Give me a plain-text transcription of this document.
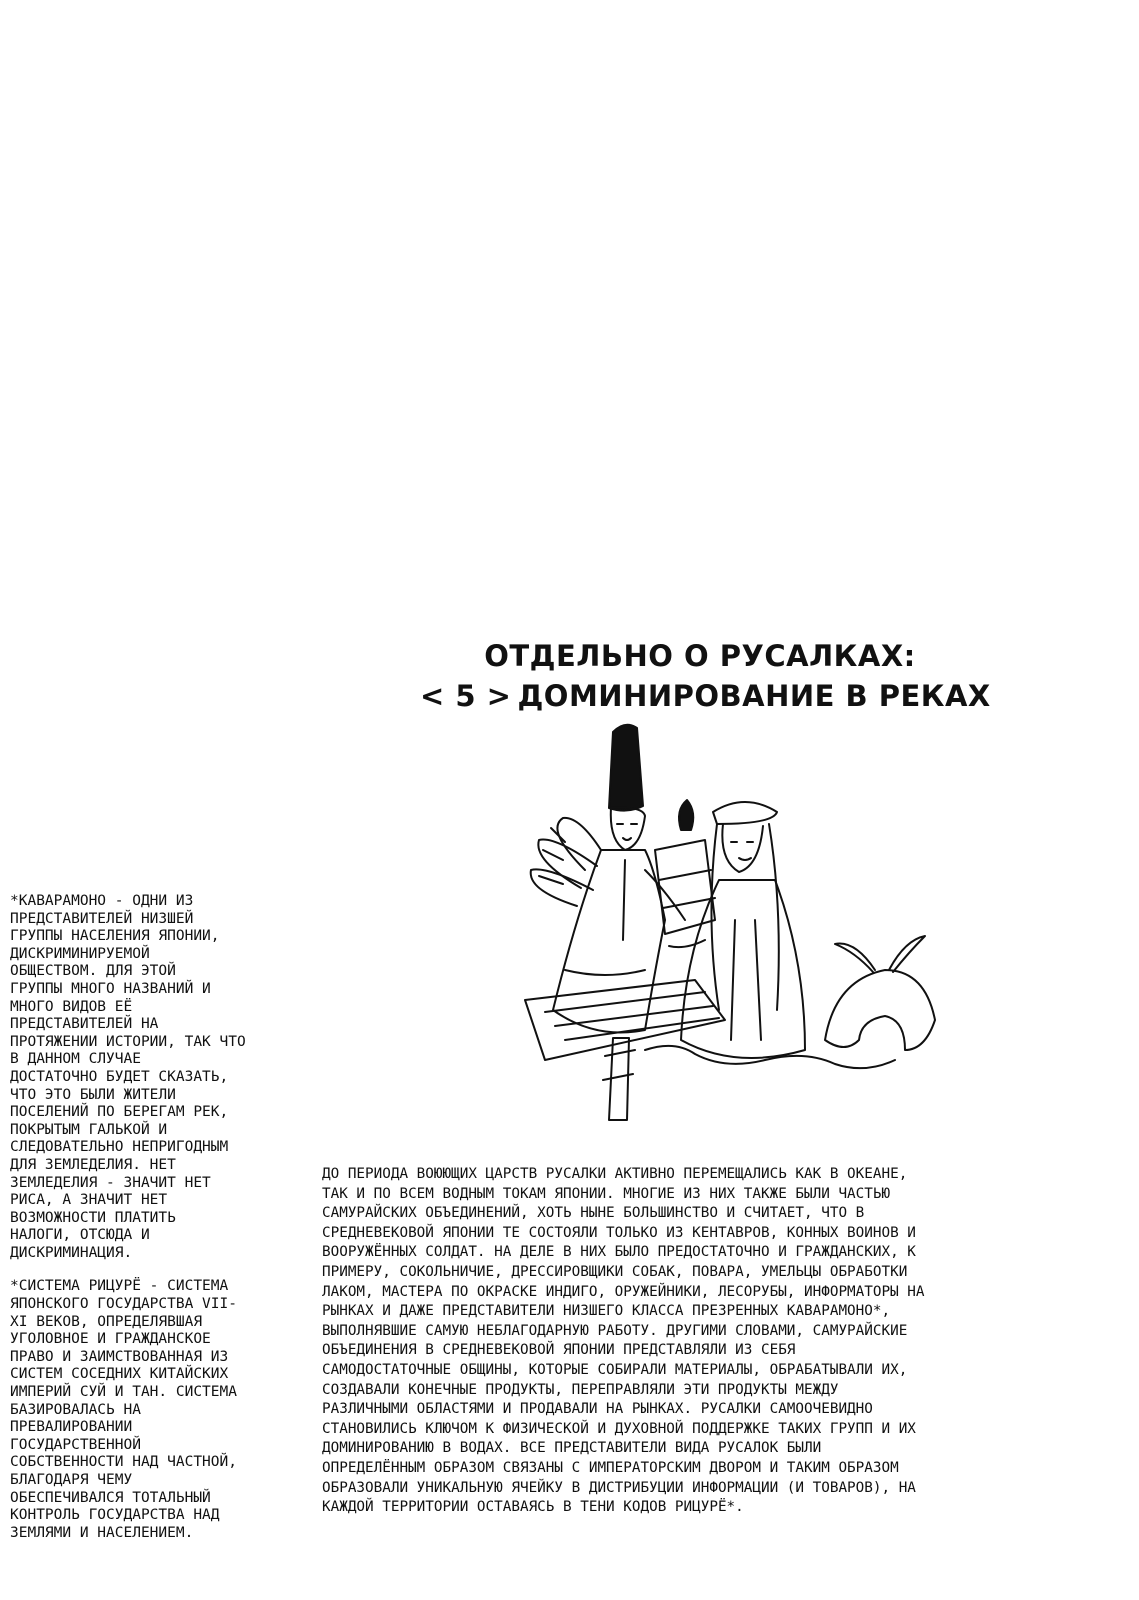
ОТДЕЛЬНО О РУСАЛКАХ:
< 5 > ДОМИНИРОВАНИЕ В РЕКАХ

*КАВАРАМОНО - ОДНИ ИЗ
ПРЕДСТАВИТЕЛЕЙ НИЗШЕЙ
ГРУППЫ НАСЕЛЕНИЯ ЯПОНИИ,
ДИСКРИМИНИРУЕМОЙ
ОБЩЕСТВОМ. ДЛЯ ЭТОЙ
ГРУППЫ МНОГО НАЗВАНИЙ И
МНОГО ВИДОВ ЕЁ
ПРЕДСТАВИТЕЛЕЙ НА
ПРОТЯЖЕНИИ ИСТОРИИ, ТАК ЧТО
В ДАННОМ СЛУЧАЕ
ДОСТАТОЧНО БУДЕТ СКАЗАТЬ,
ЧТО ЭТО БЫЛИ ЖИТЕЛИ
ПОСЕЛЕНИЙ ПО БЕРЕГАМ РЕК,
ПОКРЫТЫМ ГАЛЬКОЙ И
СЛЕДОВАТЕЛЬНО НЕПРИГОДНЫМ
ДЛЯ ЗЕМЛЕДЕЛИЯ. НЕТ
ЗЕМЛЕДЕЛИЯ - ЗНАЧИТ НЕТ
РИСА, А ЗНАЧИТ НЕТ
ВОЗМОЖНОСТИ ПЛАТИТЬ
НАЛОГИ, ОТСЮДА И
ДИСКРИМИНАЦИЯ.

*СИСТЕМА РИЦУРЁ - СИСТЕМА
ЯПОНСКОГО ГОСУДАРСТВА VII-
XI ВЕКОВ, ОПРЕДЕЛЯВШАЯ
УГОЛОВНОЕ И ГРАЖДАНСКОЕ
ПРАВО И ЗАИМСТВОВАННАЯ ИЗ
СИСТЕМ СОСЕДНИХ КИТАЙСКИХ
ИМПЕРИЙ СУЙ И ТАН. СИСТЕМА
БАЗИРОВАЛАСЬ НА
ПРЕВАЛИРОВАНИИ
ГОСУДАРСТВЕННОЙ
СОБСТВЕННОСТИ НАД ЧАСТНОЙ,
БЛАГОДАРЯ ЧЕМУ
ОБЕСПЕЧИВАЛСЯ ТОТАЛЬНЫЙ
КОНТРОЛЬ ГОСУДАРСТВА НАД
ЗЕМЛЯМИ И НАСЕЛЕНИЕМ.

ДО ПЕРИОДА ВОЮЮЩИХ ЦАРСТВ РУСАЛКИ АКТИВНО ПЕРЕМЕЩАЛИСЬ КАК В ОКЕАНЕ,
ТАК И ПО ВСЕМ ВОДНЫМ ТОКАМ ЯПОНИИ. МНОГИЕ ИЗ НИХ ТАКЖЕ БЫЛИ ЧАСТЬЮ
САМУРАЙСКИХ ОБЪЕДИНЕНИЙ, ХОТЬ НЫНЕ БОЛЬШИНСТВО И СЧИТАЕТ, ЧТО В
СРЕДНЕВЕКОВОЙ ЯПОНИИ ТЕ СОСТОЯЛИ ТОЛЬКО ИЗ КЕНТАВРОВ, КОННЫХ ВОИНОВ И
ВООРУЖЁННЫХ СОЛДАТ. НА ДЕЛЕ В НИХ БЫЛО ПРЕДОСТАТОЧНО И ГРАЖДАНСКИХ, К
ПРИМЕРУ, СОКОЛЬНИЧИЕ, ДРЕССИРОВЩИКИ СОБАК, ПОВАРА, УМЕЛЬЦЫ ОБРАБОТКИ
ЛАКОМ, МАСТЕРА ПО ОКРАСКЕ ИНДИГО, ОРУЖЕЙНИКИ, ЛЕСОРУБЫ, ИНФОРМАТОРЫ НА
РЫНКАХ И ДАЖЕ ПРЕДСТАВИТЕЛИ НИЗШЕГО КЛАССА ПРЕЗРЕННЫХ КАВАРАМОНО*,
ВЫПОЛНЯВШИЕ САМУЮ НЕБЛАГОДАРНУЮ РАБОТУ. ДРУГИМИ СЛОВАМИ, САМУРАЙСКИЕ
ОБЪЕДИНЕНИЯ В СРЕДНЕВЕКОВОЙ ЯПОНИИ ПРЕДСТАВЛЯЛИ ИЗ СЕБЯ
САМОДОСТАТОЧНЫЕ ОБЩИНЫ, КОТОРЫЕ СОБИРАЛИ МАТЕРИАЛЫ, ОБРАБАТЫВАЛИ ИХ,
СОЗДАВАЛИ КОНЕЧНЫЕ ПРОДУКТЫ, ПЕРЕПРАВЛЯЛИ ЭТИ ПРОДУКТЫ МЕЖДУ
РАЗЛИЧНЫМИ ОБЛАСТЯМИ И ПРОДАВАЛИ НА РЫНКАХ. РУСАЛКИ САМООЧЕВИДНО
СТАНОВИЛИСЬ КЛЮЧОМ К ФИЗИЧЕСКОЙ И ДУХОВНОЙ ПОДДЕРЖКЕ ТАКИХ ГРУПП И ИХ
ДОМИНИРОВАНИЮ В ВОДАХ. ВСЕ ПРЕДСТАВИТЕЛИ ВИДА РУСАЛОК БЫЛИ
ОПРЕДЕЛЁННЫМ ОБРАЗОМ СВЯЗАНЫ С ИМПЕРАТОРСКИМ ДВОРОМ И ТАКИМ ОБРАЗОМ
ОБРАЗОВАЛИ УНИКАЛЬНУЮ ЯЧЕЙКУ В ДИСТРИБУЦИИ ИНФОРМАЦИИ (И ТОВАРОВ), НА
КАЖДОЙ ТЕРРИТОРИИ ОСТАВАЯСЬ В ТЕНИ КОДОВ РИЦУРЁ*.
